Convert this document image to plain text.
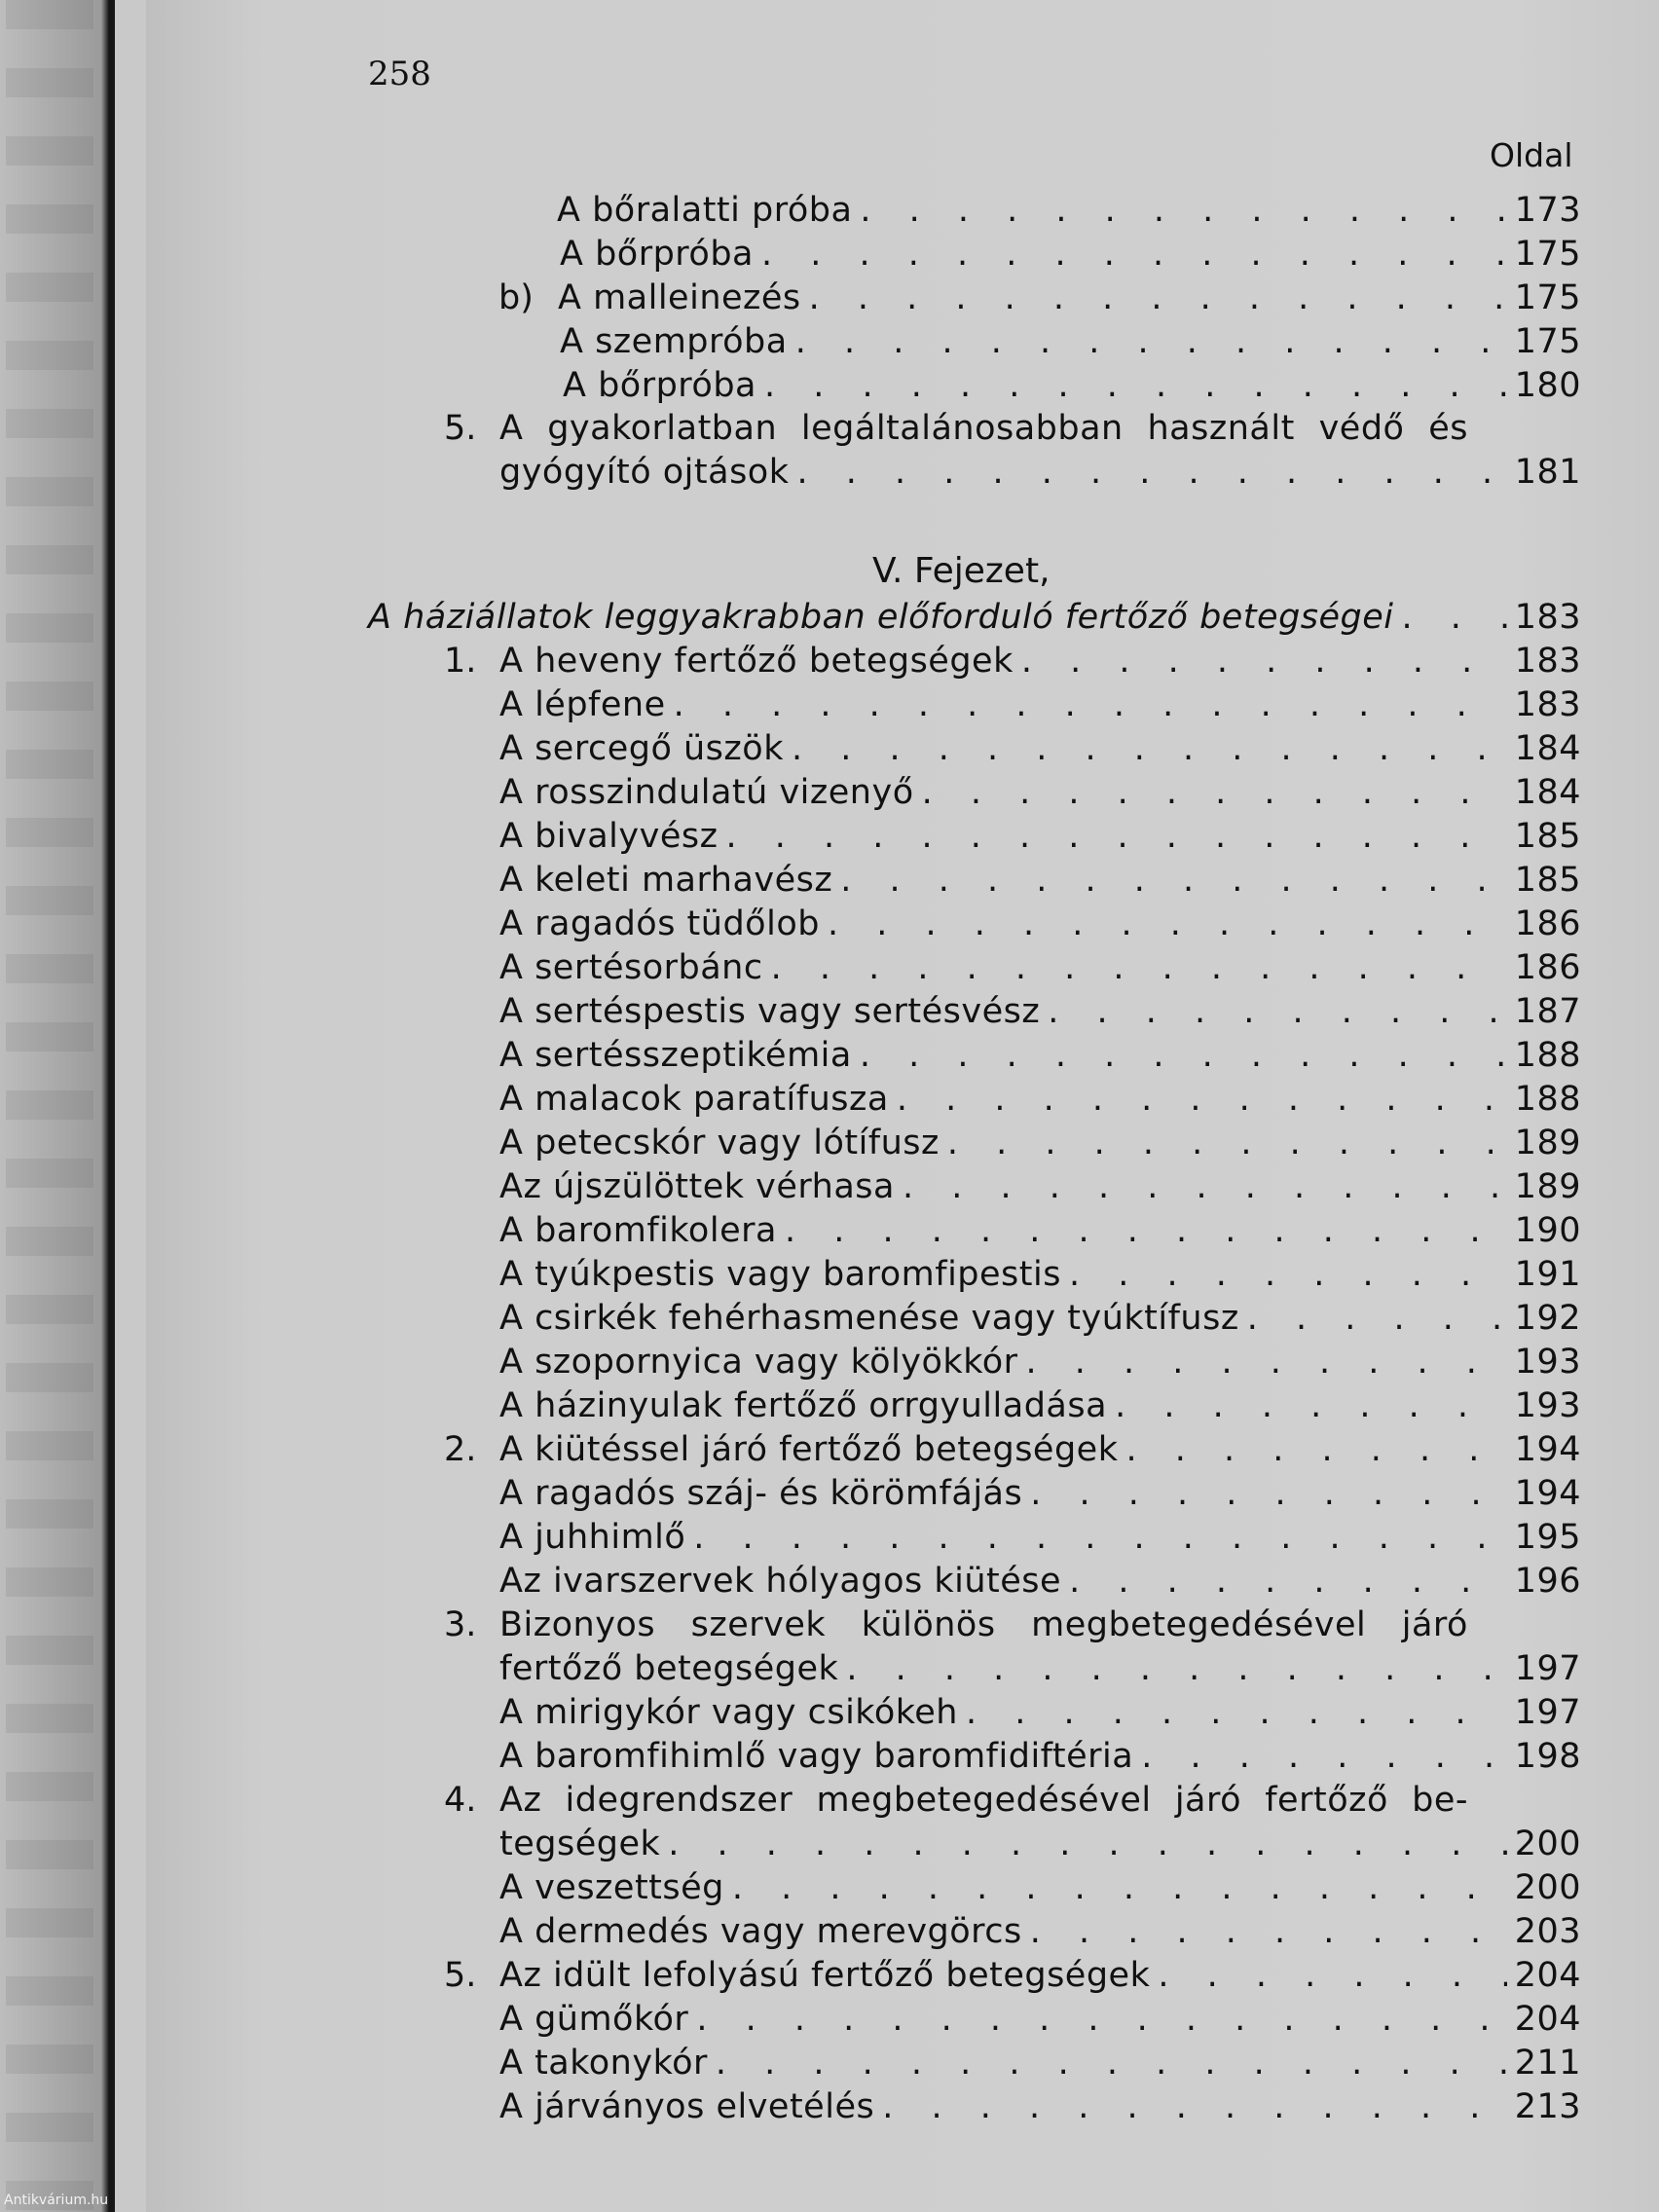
258
Oldal
V. Fejezet,
A bőralatti próba . . .	173
A bőrpróba . . .	175
b) A malleinezés . . .	175
A szempróba . . .	175
A bőrpróba . . .	180
5. A gyakorlatban legáltalánosabban használt védő és
gyógyító ojtások . . .	181
A háziállatok leggyakrabban előforduló fertőző betegségei . . .	183
1. A heveny fertőző betegségek . . .	183
A lépfene . . .	183
A sercegő üszök . . .	184
A rosszindulatú vizenyő . . .	184
A bivalyvész . . .	185
A keleti marhavész . . .	185
A ragadós tüdőlob . . .	186
A sertésorbánc . . .	186
A sertéspestis vagy sertésvész . . .	187
A sertésszeptikémia . . .	188
A malacok paratífusza . . .	188
A petecskór vagy lótífusz . . .	189
Az újszülöttek vérhasa . . .	189
A baromfikolera . . .	190
A tyúkpestis vagy baromfipestis . . .	191
A csirkék fehérhasmenése vagy tyúktífusz . . .	192
A szopornyica vagy kölyökkór . . .	193
A házinyulak fertőző orrgyulladása . . .	193
2. A kiütéssel járó fertőző betegségek . . .	194
A ragadós száj- és körömfájás . . .	194
A juhhimlő . . .	195
Az ivarszervek hólyagos kiütése . . .	196
3. Bizonyos szervek különös megbetegedésével járó
fertőző betegségek . . .	197
A mirigykór vagy csikókeh . . .	197
A baromfihimlő vagy baromfidiftéria . . .	198
4. Az idegrendszer megbetegedésével járó fertőző be-
tegségek . . .	200
A veszettség . . .	200
A dermedés vagy merevgörcs . . .	203
5. Az idült lefolyású fertőző betegségek . . .	204
A gümőkór . . .	204
A takonykór . . .	211
A járványos elvetélés . . .	213
Antikvárium.hu
